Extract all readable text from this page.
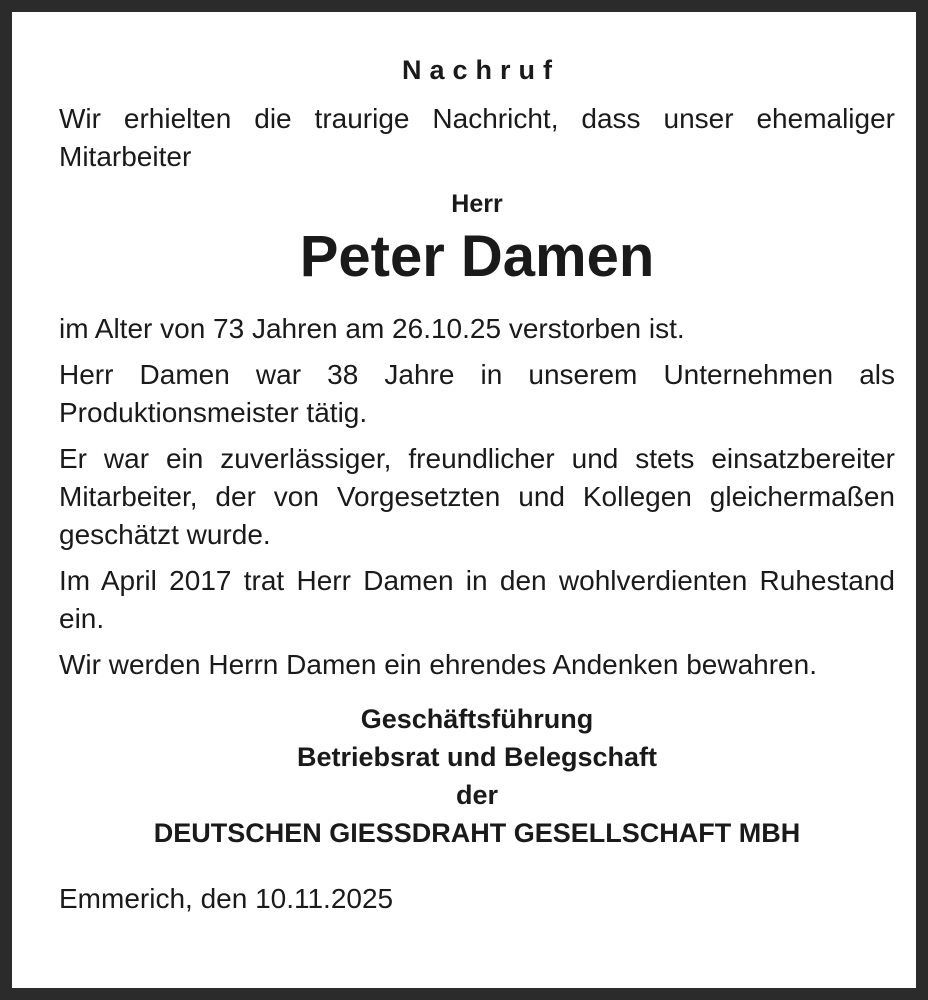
Nachruf

Wir erhielten die traurige Nachricht, dass unser ehemaliger Mitarbeiter

Herr
Peter Damen

im Alter von 73 Jahren am 26.10.25 verstorben ist.

Herr Damen war 38 Jahre in unserem Unternehmen als Produktionsmeister tätig.

Er war ein zuverlässiger, freundlicher und stets einsatzbereiter Mitarbeiter, der von Vorgesetzten und Kollegen gleichermaßen geschätzt wurde.

Im April 2017 trat Herr Damen in den wohlverdienten Ruhestand ein.

Wir werden Herrn Damen ein ehrendes Andenken bewahren.

Geschäftsführung
Betriebsrat und Belegschaft
der
DEUTSCHEN GIESSDRAHT GESELLSCHAFT MBH
Emmerich, den 10.11.2025
